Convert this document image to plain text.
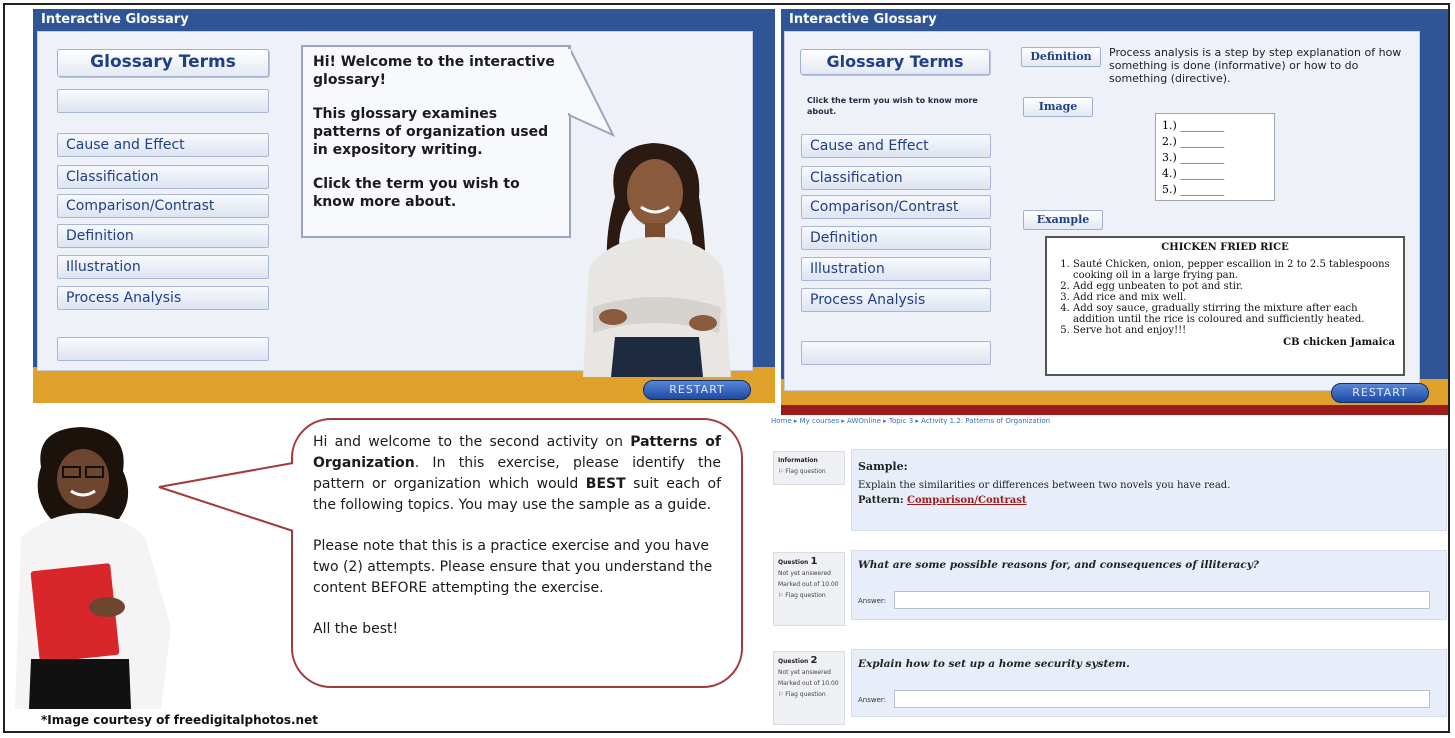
Interactive Glossary
Glossary Terms
Cause and Effect
Classification
Comparison/Contrast
Definition
Illustration
Process Analysis

Hi! Welcome to the interactive glossary!

This glossary examines patterns of organization used in expository writing.

Click the term you wish to know more about.

RESTART
Interactive Glossary
Glossary Terms
Click the term you wish to know more about.
Cause and Effect
Classification
Comparison/Contrast
Definition
Illustration
Process Analysis
Definition	Process analysis is a step by step explanation of how something is done (informative) or how to do something (directive).
Image
1.) ________
2.) ________
3.) ________
4.) ________
5.) ________
Example
CHICKEN FRIED RICE
1. Sauté Chicken, onion, pepper escallion in 2 to 2.5 tablespoons cooking oil in a large frying pan.
2. Add egg unbeaten to pot and stir.
3. Add rice and mix well.
4. Add soy sauce, gradually stirring the mixture after each addition until the rice is coloured and sufficiently heated.
5. Serve hot and enjoy!!!
CB chicken Jamaica
RESTART

Hi and welcome to the second activity on Patterns of Organization. In this exercise, please identify the pattern or organization which would BEST suit each of the following topics. You may use the sample as a guide.

Please note that this is a practice exercise and you have two (2) attempts. Please ensure that you understand the content BEFORE attempting the exercise.

All the best!

*Image courtesy of freedigitalphotos.net
Home ▸ My courses ▸ AWOnline ▸ Topic 3 ▸ Activity 1.2: Patterns of Organization
Information
⚐ Flag question	Sample:
Explain the similarities or differences between two novels you have read.
Pattern: Comparison/Contrast
Question 1
Not yet answered
Marked out of 10.00
⚐ Flag question
What are some possible reasons for, and consequences of illiteracy?
Answer:
Question 2
Not yet answered
Marked out of 10.00
⚐ Flag question
Explain how to set up a home security system.
Answer:
